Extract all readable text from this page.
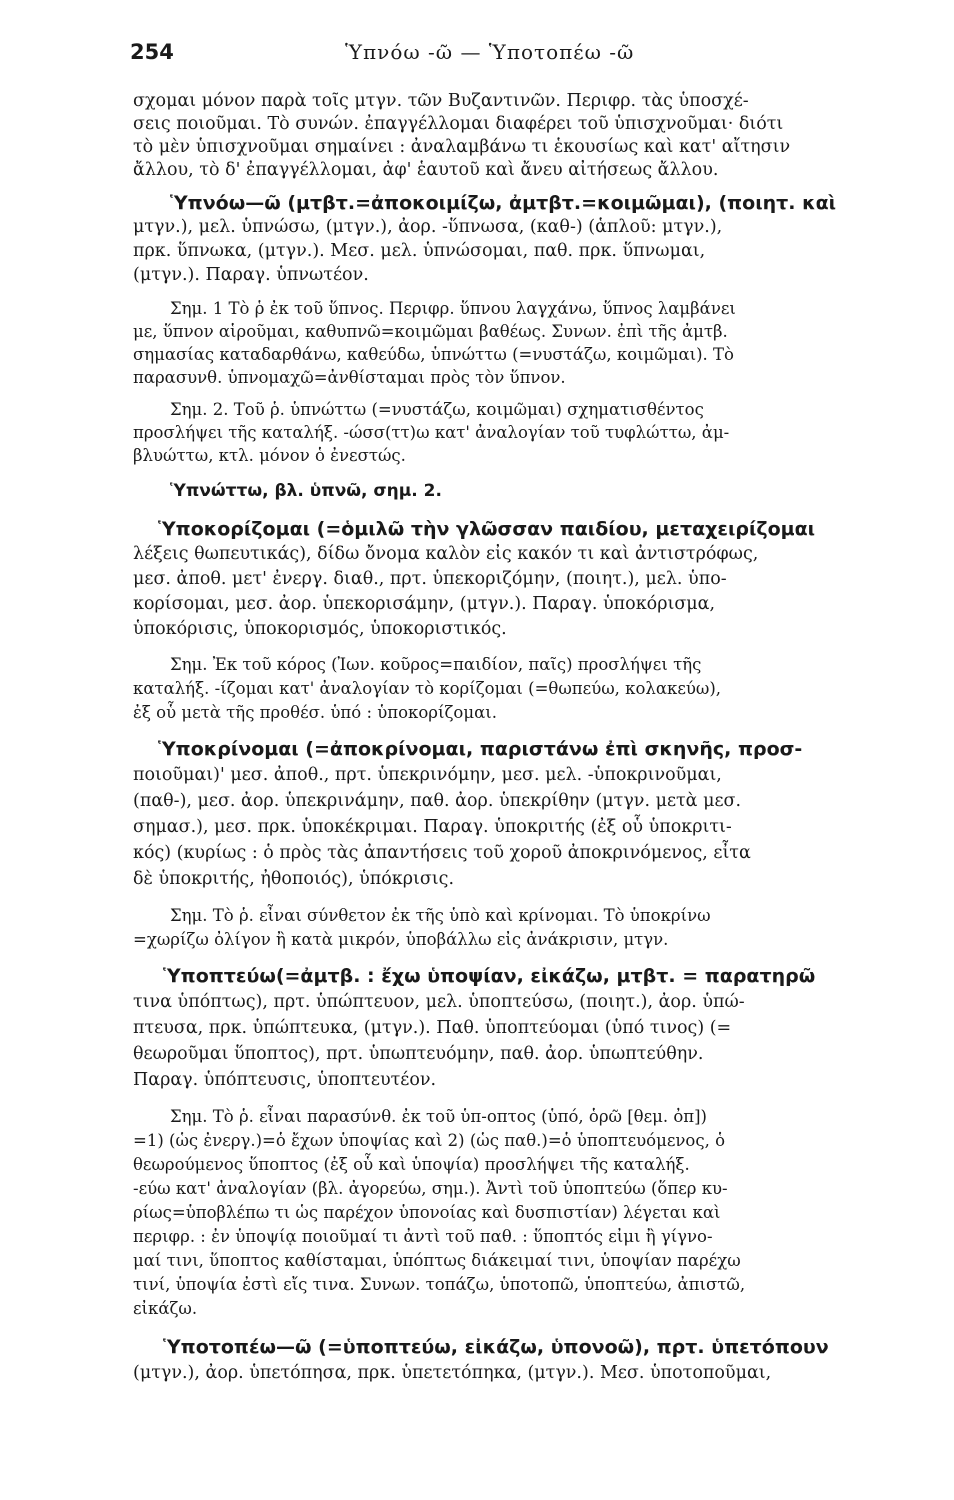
254	Ὑπνόω -ῶ — Ὑποτοπέω -ῶ
σχομαι μόνον παρὰ τοῖς μτγν. τῶν Βυζαντινῶν. Περιφρ. τὰς ὑποσχέ-
σεις ποιοῦμαι. Τὸ συνών. ἐπαγγέλλομαι διαφέρει τοῦ ὑπισχνοῦμαι· διότι
τὸ μὲν ὑπισχνοῦμαι σημαίνει : ἀναλαμβάνω τι ἑκουσίως καὶ κατ' αἴτησιν
ἄλλου, τὸ δ' ἐπαγγέλλομαι, ἀφ' ἑαυτοῦ καὶ ἄνευ αἰτήσεως ἄλλου.
Ὑπνόω—ῶ (μτβτ.=ἀποκοιμίζω, ἀμτβτ.=κοιμῶμαι), (ποιητ. καὶ
μτγν.), μελ. ὑπνώσω, (μτγν.), ἀορ. -ὕπνωσα, (καθ-) (ἁπλοῦ: μτγν.),
πρκ. ὕπνωκα, (μτγν.). Μεσ. μελ. ὑπνώσομαι, παθ. πρκ. ὕπνωμαι,
(μτγν.). Παραγ. ὑπνωτέον.
Σημ. 1 Τὸ ῥ ἐκ τοῦ ὕπνος. Περιφρ. ὕπνου λαγχάνω, ὕπνος λαμβάνει
με, ὕπνον αἱροῦμαι, καθυπνῶ=κοιμῶμαι βαθέως. Συνων. ἐπὶ τῆς ἀμτβ.
σημασίας καταδαρθάνω, καθεύδω, ὑπνώττω (=νυστάζω, κοιμῶμαι). Τὸ
παρασυνθ. ὑπνομαχῶ=ἀνθίσταμαι πρὸς τὸν ὕπνον.
Σημ. 2. Τοῦ ῥ. ὑπνώττω (=νυστάζω, κοιμῶμαι) σχηματισθέντος
προσλήψει τῆς καταλήξ. -ώσσ(ττ)ω κατ' ἀναλογίαν τοῦ τυφλώττω, ἀμ-
βλυώττω, κτλ. μόνον ὁ ἐνεστώς.
Ὑπνώττω, βλ. ὑπνῶ, σημ. 2.
Ὑποκορίζομαι (=ὁμιλῶ τὴν γλῶσσαν παιδίου, μεταχειρίζομαι
λέξεις θωπευτικάς), δίδω ὄνομα καλὸν εἰς κακόν τι καὶ ἀντιστρόφως,
μεσ. ἀποθ. μετ' ἐνεργ. διαθ., πρτ. ὑπεκοριζόμην, (ποιητ.), μελ. ὑπο-
κορίσομαι, μεσ. ἀορ. ὑπεκορισάμην, (μτγν.). Παραγ. ὑποκόρισμα,
ὑποκόρισις, ὑποκορισμός, ὑποκοριστικός.
Σημ. Ἐκ τοῦ κόρος (Ἰων. κοῦρος=παιδίον, παῖς) προσλήψει τῆς
καταλήξ. -ίζομαι κατ' ἀναλογίαν τὸ κορίζομαι (=θωπεύω, κολακεύω),
ἐξ οὗ μετὰ τῆς προθέσ. ὑπό : ὑποκορίζομαι.
Ὑποκρίνομαι (=ἀποκρίνομαι, παριστάνω ἐπὶ σκηνῆς, προσ-
ποιοῦμαι)' μεσ. ἀποθ., πρτ. ὑπεκρινόμην, μεσ. μελ. -ὑποκρινοῦμαι,
(παθ-), μεσ. ἀορ. ὑπεκρινάμην, παθ. ἀορ. ὑπεκρίθην (μτγν. μετὰ μεσ.
σημασ.), μεσ. πρκ. ὑποκέκριμαι. Παραγ. ὑποκριτής (ἐξ οὗ ὑποκριτι-
κός) (κυρίως : ὁ πρὸς τὰς ἀπαντήσεις τοῦ χοροῦ ἀποκρινόμενος, εἶτα
δὲ ὑποκριτής, ἠθοποιός), ὑπόκρισις.
Σημ. Τὸ ῥ. εἶναι σύνθετον ἐκ τῆς ὑπὸ καὶ κρίνομαι. Τὸ ὑποκρίνω
=χωρίζω ὀλίγον ἢ κατὰ μικρόν, ὑποβάλλω εἰς ἀνάκρισιν, μτγν.
Ὑποπτεύω(=ἀμτβ. : ἔχω ὑποψίαν, εἰκάζω, μτβτ. = παρατηρῶ
τινα ὑπόπτως), πρτ. ὑπώπτευον, μελ. ὑποπτεύσω, (ποιητ.), ἀορ. ὑπώ-
πτευσα, πρκ. ὑπώπτευκα, (μτγν.). Παθ. ὑποπτεύομαι (ὑπό τινος) (=
θεωροῦμαι ὕποπτος), πρτ. ὑπωπτευόμην, παθ. ἀορ. ὑπωπτεύθην.
Παραγ. ὑπόπτευσις, ὑποπτευτέον.
Σημ. Τὸ ῥ. εἶναι παρασύνθ. ἐκ τοῦ ὑπ-οπτος (ὑπό, ὁρῶ [θεμ. ὀπ])
=1) (ὡς ἐνεργ.)=ὁ ἔχων ὑποψίας καὶ 2) (ὡς παθ.)=ὁ ὑποπτευόμενος, ὁ
θεωρούμενος ὕποπτος (ἐξ οὗ καὶ ὑποψία) προσλήψει τῆς καταλήξ.
-εύω κατ' ἀναλογίαν (βλ. ἀγορεύω, σημ.). Ἀντὶ τοῦ ὑποπτεύω (ὅπερ κυ-
ρίως=ὑποβλέπω τι ὡς παρέχον ὑπονοίας καὶ δυσπιστίαν) λέγεται καὶ
περιφρ. : ἐν ὑποψίᾳ ποιοῦμαί τι ἀντὶ τοῦ παθ. : ὕποπτός εἰμι ἢ γίγνο-
μαί τινι, ὕποπτος καθίσταμαι, ὑπόπτως διάκειμαί τινι, ὑποψίαν παρέχω
τινί, ὑποψία ἐστὶ εἴς τινα. Συνων. τοπάζω, ὑποτοπῶ, ὑποπτεύω, ἀπιστῶ,
εἰκάζω.
Ὑποτοπέω—ῶ (=ὑποπτεύω, εἰκάζω, ὑπονοῶ), πρτ. ὑπετόπουν
(μτγν.), ἀορ. ὑπετόπησα, πρκ. ὑπετετόπηκα, (μτγν.). Μεσ. ὑποτοποῦμαι,
